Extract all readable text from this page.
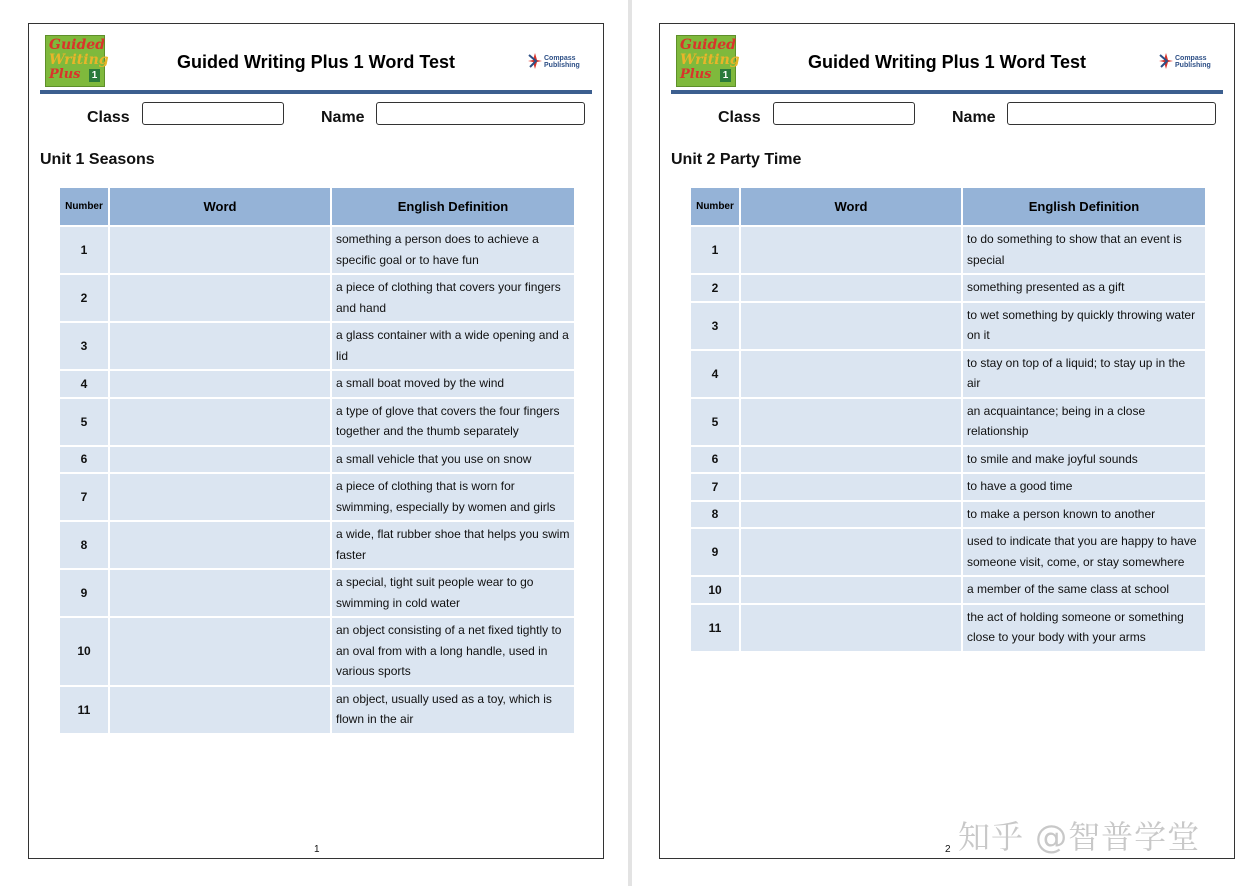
Guided
Writing
Plus 1
Guided Writing Plus 1 Word Test	Compass
Publishing
Class	Name
Unit 1 Seasons
Number	Word	English Definition
1		something a person does to achieve a specific goal or to have fun
2		a piece of clothing that covers your fingers and hand
3		a glass container with a wide opening and a lid
4		a small boat moved by the wind
5		a type of glove that covers the four fingers together and the thumb separately
6		a small vehicle that you use on snow
7		a piece of clothing that is worn for swimming, especially by women and girls
8		a wide, flat rubber shoe that helps you swim faster
9		a special, tight suit people wear to go swimming in cold water
10		an object consisting of a net fixed tightly to an oval from with a long handle, used in various sports
11		an object, usually used as a toy, which is flown in the air
1
Guided
Writing
Plus 1
Guided Writing Plus 1 Word Test	Compass
Publishing
Class	Name
Unit 2 Party Time
Number	Word	English Definition
1		to do something to show that an event is special
2		something presented as a gift
3		to wet something by quickly throwing water on it
4		to stay on top of a liquid; to stay up in the air
5		an acquaintance; being in a close relationship
6		to smile and make joyful sounds
7		to have a good time
8		to make a person known to another
9		used to indicate that you are happy to have someone visit, come, or stay somewhere
10		a member of the same class at school
11		the act of holding someone or something close to your body with your arms
2 知乎 @智普学堂
